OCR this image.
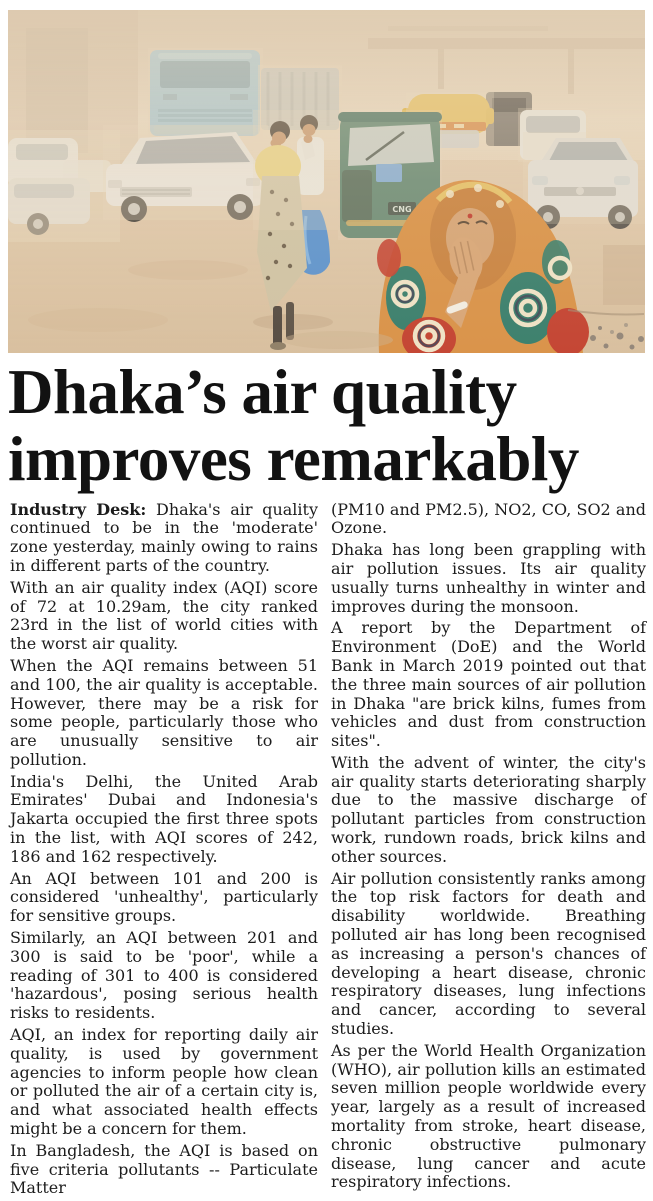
Dhaka’s air quality improves remarkably

Industry Desk: Dhaka's air quality continued to be in the 'moderate' zone yesterday, mainly owing to rains in different parts of the country.

With an air quality index (AQI) score of 72 at 10.29am, the city ranked 23rd in the list of world cities with the worst air quality.

When the AQI remains between 51 and 100, the air quality is acceptable. However, there may be a risk for some people, particularly those who are unusually sensitive to air pollution.

India's Delhi, the United Arab Emirates' Dubai and Indonesia's Jakarta occupied the first three spots in the list, with AQI scores of 242, 186 and 162 respectively.

An AQI between 101 and 200 is considered 'unhealthy', particularly for sensitive groups.

Similarly, an AQI between 201 and 300 is said to be 'poor', while a reading of 301 to 400 is considered 'hazardous', posing serious health risks to residents.

AQI, an index for reporting daily air quality, is used by government agencies to inform people how clean or polluted the air of a certain city is, and what associated health effects might be a concern for them.

In Bangladesh, the AQI is based on five criteria pollutants -- Particulate Matter

(PM10 and PM2.5), NO2, CO, SO2 and Ozone.

Dhaka has long been grappling with air pollution issues. Its air quality usually turns unhealthy in winter and improves during the monsoon.

A report by the Department of Environment (DoE) and the World Bank in March 2019 pointed out that the three main sources of air pollution in Dhaka "are brick kilns, fumes from vehicles and dust from construction sites".

With the advent of winter, the city's air quality starts deteriorating sharply due to the massive discharge of pollutant particles from construction work, rundown roads, brick kilns and other sources.

Air pollution consistently ranks among the top risk factors for death and disability worldwide. Breathing polluted air has long been recognised as increasing a person's chances of developing a heart disease, chronic respiratory diseases, lung infections and cancer, according to several studies.

As per the World Health Organization (WHO), air pollution kills an estimated seven million people worldwide every year, largely as a result of increased mortality from stroke, heart disease, chronic obstructive pulmonary disease, lung cancer and acute respiratory infections.
